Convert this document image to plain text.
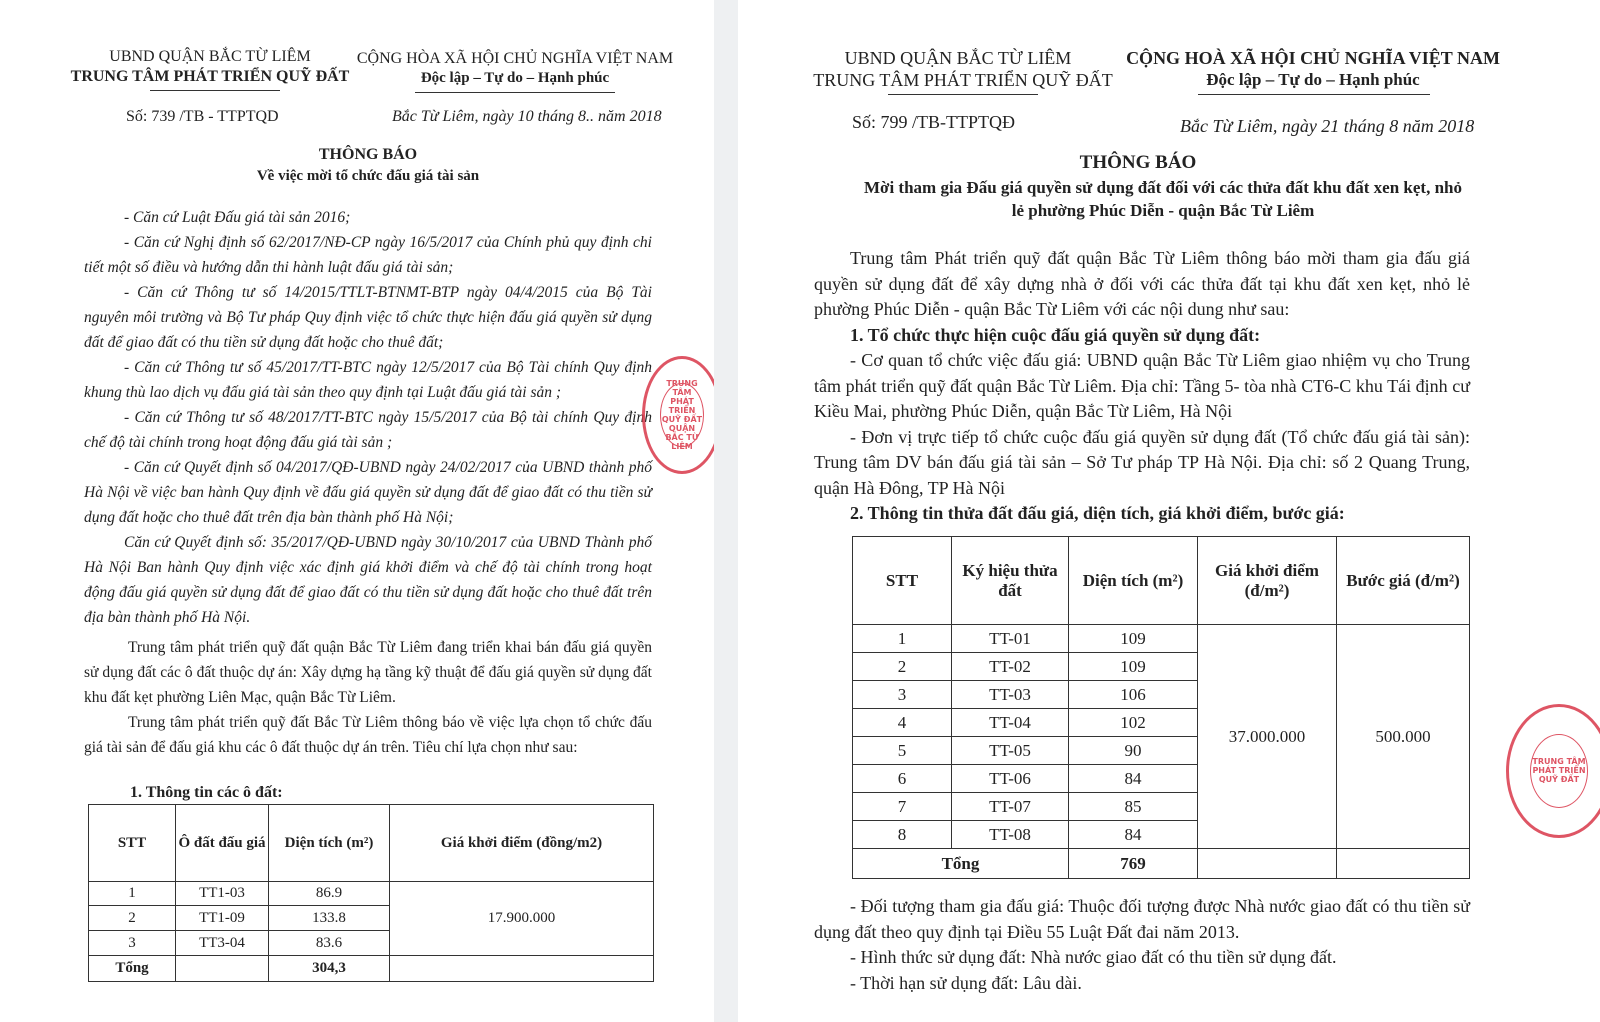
UBND QUẬN BẮC TỪ LIÊM
TRUNG TÂM PHÁT TRIỂN QUỸ ĐẤT
CỘNG HÒA XÃ HỘI CHỦ NGHĨA VIỆT NAM
Độc lập – Tự do – Hạnh phúc
Số: 739 /TB - TTPTQD	Bắc Từ Liêm, ngày 10 tháng 8.. năm 2018
THÔNG BÁO
Về việc mời tổ chức đấu giá tài sản

- Căn cứ Luật Đấu giá tài sản 2016;

- Căn cứ Nghị định số 62/2017/NĐ-CP ngày 16/5/2017 của Chính phủ quy định chi tiết một số điều và hướng dẫn thi hành luật đấu giá tài sản;

- Căn cứ Thông tư số 14/2015/TTLT-BTNMT-BTP ngày 04/4/2015 của Bộ Tài nguyên môi trường và Bộ Tư pháp Quy định việc tổ chức thực hiện đấu giá quyền sử dụng đất để giao đất có thu tiền sử dụng đất hoặc cho thuê đất;

- Căn cứ Thông tư số 45/2017/TT-BTC ngày 12/5/2017 của Bộ Tài chính Quy định khung thù lao dịch vụ đấu giá tài sản theo quy định tại Luật đấu giá tài sản ;

- Căn cứ Thông tư số 48/2017/TT-BTC ngày 15/5/2017 của Bộ tài chính Quy định chế độ tài chính trong hoạt động đấu giá tài sản ;

- Căn cứ Quyết định số 04/2017/QĐ-UBND ngày 24/02/2017 của UBND thành phố Hà Nội về việc ban hành Quy định về đấu giá quyền sử dụng đất để giao đất có thu tiền sử dụng đất hoặc cho thuê đất trên địa bàn thành phố Hà Nội;

Căn cứ Quyết định số: 35/2017/QĐ-UBND ngày 30/10/2017 của UBND Thành phố Hà Nội Ban hành Quy định việc xác định giá khởi điểm và chế độ tài chính trong hoạt động đấu giá quyền sử dụng đất để giao đất có thu tiền sử dụng đất hoặc cho thuê đất trên địa bàn thành phố Hà Nội.

Trung tâm phát triển quỹ đất quận Bắc Từ Liêm đang triển khai bán đấu giá quyền sử dụng đất các ô đất thuộc dự án: Xây dựng hạ tầng kỹ thuật để đấu giá quyền sử dụng đất khu đất kẹt phường Liên Mạc, quận Bắc Từ Liêm.

Trung tâm phát triển quỹ đất Bắc Từ Liêm thông báo về việc lựa chọn tổ chức đấu giá tài sản để đấu giá khu các ô đất thuộc dự án trên. Tiêu chí lựa chọn như sau:

1. Thông tin các ô đất:
STT	Ô đất đấu giá	Diện tích (m²)	Giá khởi điểm (đồng/m2)
1	TT1-03	86.9	17.900.000
2	TT1-09	133.8	
3	TT3-04	83.6	
Tổng		304,3	
TRUNG TÂM PHÁT TRIỂN QUỸ ĐẤT QUẬN BẮC TỪ LIÊM
UBND QUẬN BẮC TỪ LIÊM
TRUNG TÂM PHÁT TRIỂN QUỸ ĐẤT
CỘNG HOÀ XÃ HỘI CHỦ NGHĨA VIỆT NAM
Độc lập – Tự do – Hạnh phúc
Số: 799 /TB-TTPTQĐ	Bắc Từ Liêm, ngày 21 tháng 8 năm 2018
THÔNG BÁO
Mời tham gia Đấu giá quyền sử dụng đất đối với các thửa đất khu đất xen kẹt, nhỏ
lẻ phường Phúc Diễn - quận Bắc Từ Liêm

Trung tâm Phát triển quỹ đất quận Bắc Từ Liêm thông báo mời tham gia đấu giá quyền sử dụng đất để xây dựng nhà ở đối với các thửa đất tại khu đất xen kẹt, nhỏ lẻ phường Phúc Diễn - quận Bắc Từ Liêm với các nội dung như sau:

1. Tổ chức thực hiện cuộc đấu giá quyền sử dụng đất:

- Cơ quan tổ chức việc đấu giá: UBND quận Bắc Từ Liêm giao nhiệm vụ cho Trung tâm phát triển quỹ đất quận Bắc Từ Liêm. Địa chỉ: Tầng 5- tòa nhà CT6-C khu Tái định cư Kiều Mai, phường Phúc Diễn, quận Bắc Từ Liêm, Hà Nội

- Đơn vị trực tiếp tổ chức cuộc đấu giá quyền sử dụng đất (Tổ chức đấu giá tài sản): Trung tâm DV bán đấu giá tài sản – Sở Tư pháp TP Hà Nội. Địa chỉ: số 2 Quang Trung, quận Hà Đông, TP Hà Nội

2. Thông tin thửa đất đấu giá, diện tích, giá khởi điểm, bước giá:

STT	Ký hiệu thửa đất	Diện tích (m²)	Giá khởi điểm (đ/m²)	Bước giá (đ/m²)
1	TT-01	109	37.000.000	500.000
2	TT-02	109		
3	TT-03	106		
4	TT-04	102		
5	TT-05	90		
6	TT-06	84		
7	TT-07	85		
8	TT-08	84		
Tổng		769		

- Đối tượng tham gia đấu giá: Thuộc đối tượng được Nhà nước giao đất có thu tiền sử dụng đất theo quy định tại Điều 55 Luật Đất đai năm 2013.

- Hình thức sử dụng đất: Nhà nước giao đất có thu tiền sử dụng đất.

- Thời hạn sử dụng đất: Lâu dài.

TRUNG TÂM PHÁT TRIỂN QUỸ ĐẤT
